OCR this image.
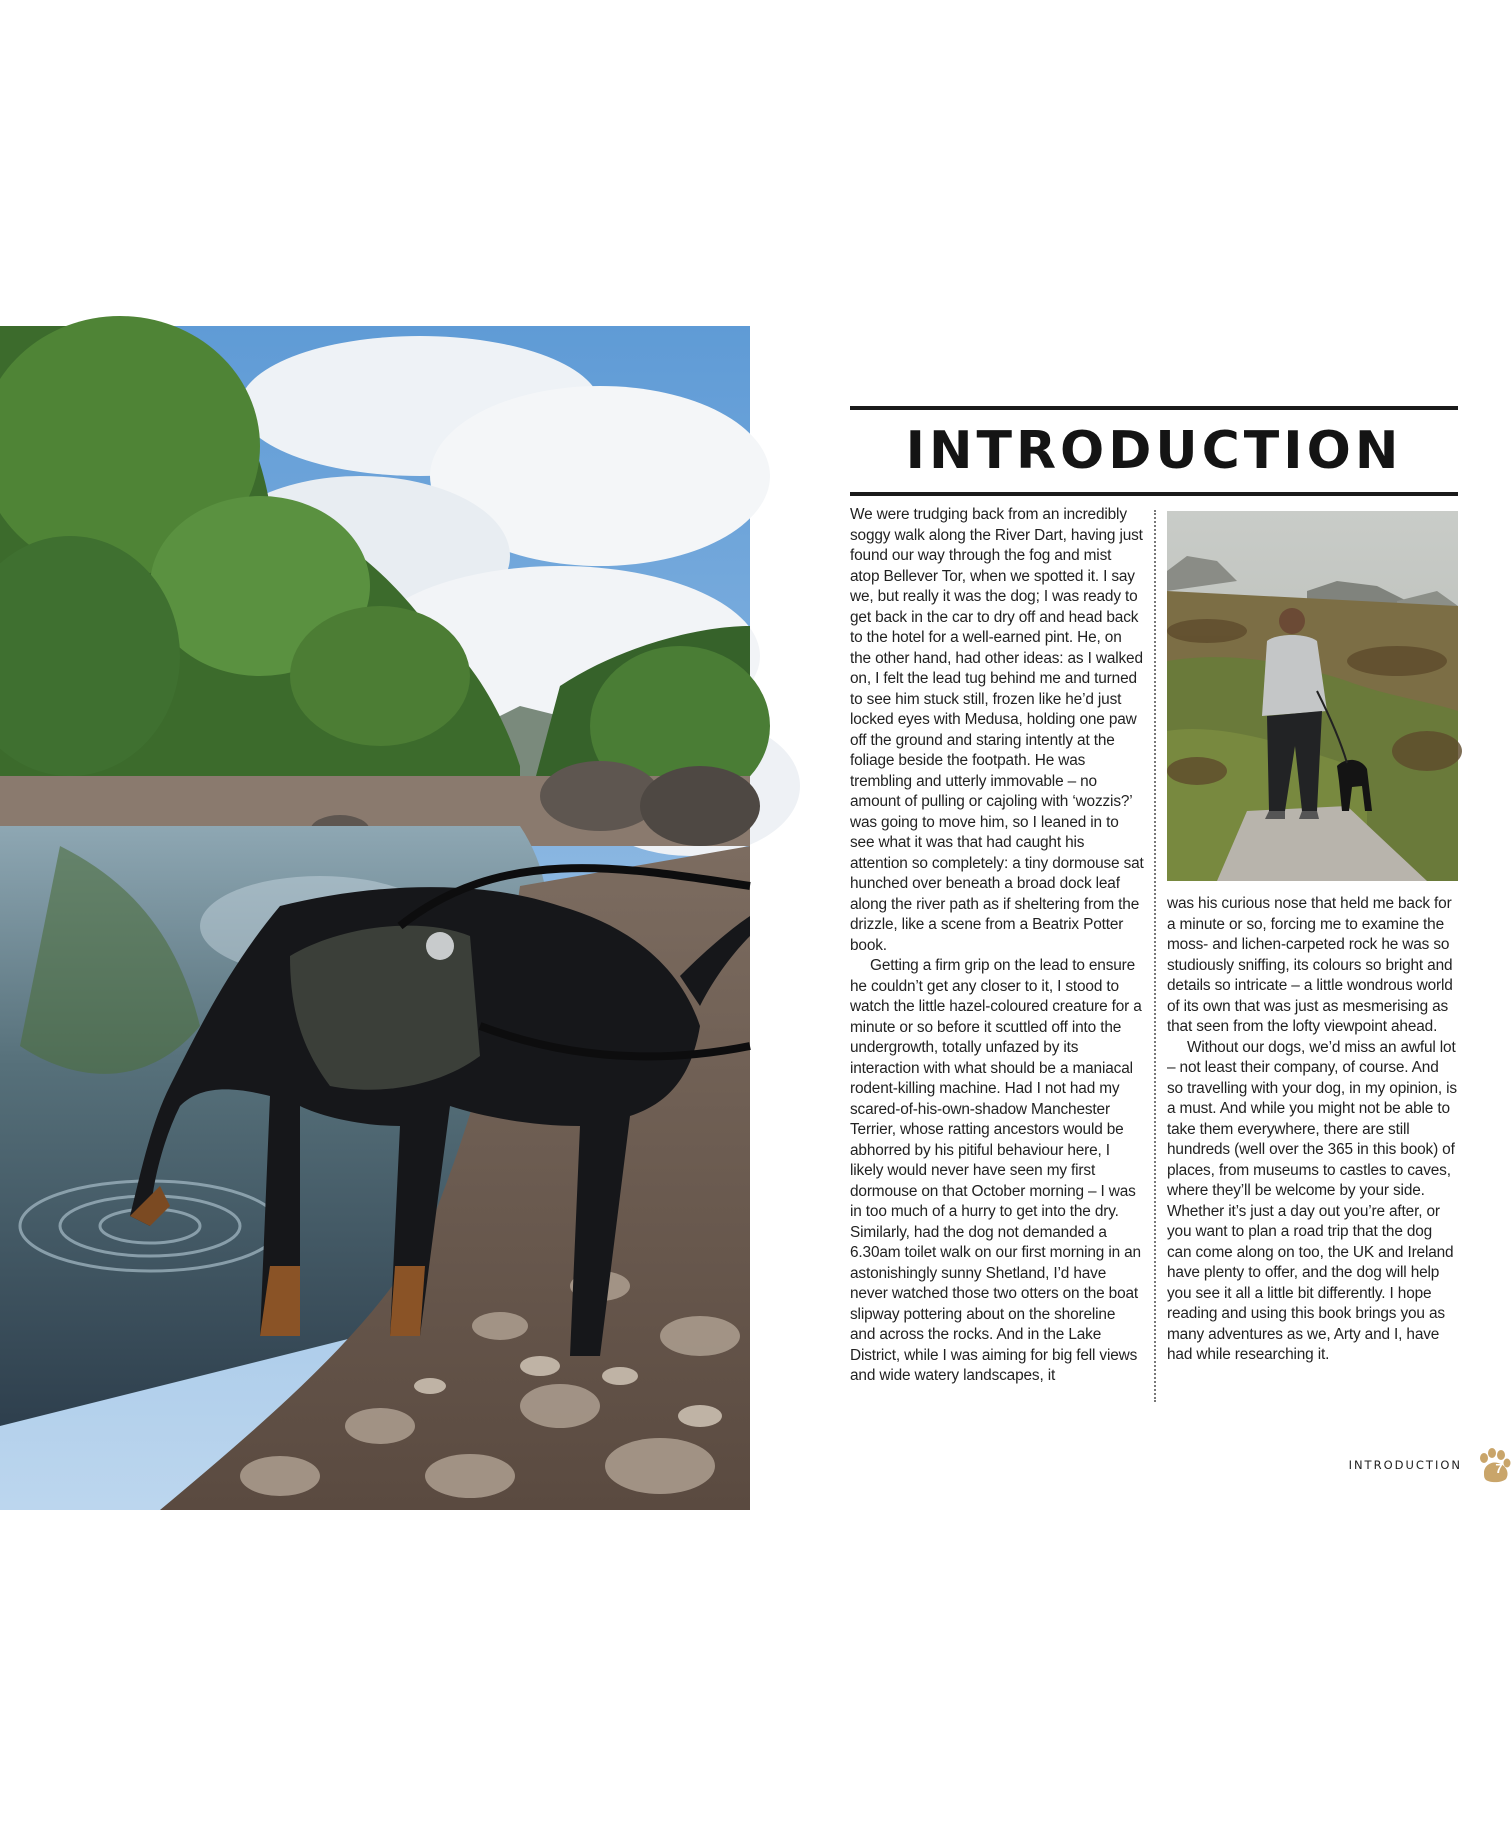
INTRODUCTION

We were trudging back from an incredibly soggy walk along the River Dart, having just found our way through the fog and mist atop Bellever Tor, when we spotted it. I say we, but really it was the dog; I was ready to get back in the car to dry off and head back to the hotel for a well-earned pint. He, on the other hand, had other ideas: as I walked on, I felt the lead tug behind me and turned to see him stuck still, frozen like he’d just locked eyes with Medusa, holding one paw off the ground and staring intently at the foliage beside the footpath. He was trembling and utterly immovable – no amount of pulling or cajoling with ‘wozzis?’ was going to move him, so I leaned in to see what it was that had caught his attention so completely: a tiny dormouse sat hunched over beneath a broad dock leaf along the river path as if sheltering from the drizzle, like a scene from a Beatrix Potter book.

Getting a firm grip on the lead to ensure he couldn’t get any closer to it, I stood to watch the little hazel-coloured creature for a minute or so before it scuttled off into the undergrowth, totally unfazed by its interaction with what should be a maniacal rodent-killing machine. Had I not had my scared-of-his-own-shadow Manchester Terrier, whose ratting ancestors would be abhorred by his pitiful behaviour here, I likely would never have seen my first dormouse on that October morning – I was in too much of a hurry to get into the dry. Similarly, had the dog not demanded a 6.30am toilet walk on our first morning in an astonishingly sunny Shetland, I’d have never watched those two otters on the boat slipway pottering about on the shoreline and across the rocks. And in the Lake District, while I was aiming for big fell views and wide watery landscapes, it

was his curious nose that held me back for a minute or so, forcing me to examine the moss- and lichen-carpeted rock he was so studiously sniffing, its colours so bright and details so intricate – a little wondrous world of its own that was just as mesmerising as that seen from the lofty viewpoint ahead.

Without our dogs, we’d miss an awful lot – not least their company, of course. And so travelling with your dog, in my opinion, is a must. And while you might not be able to take them everywhere, there are still hundreds (well over the 365 in this book) of places, from museums to castles to caves, where they’ll be welcome by your side. Whether it’s just a day out you’re after, or you want to plan a road trip that the dog can come along on too, the UK and Ireland have plenty to offer, and the dog will help you see it all a little bit differently. I hope reading and using this book brings you as many adventures as we, Arty and I, have had while researching it.

INTRODUCTION	7
